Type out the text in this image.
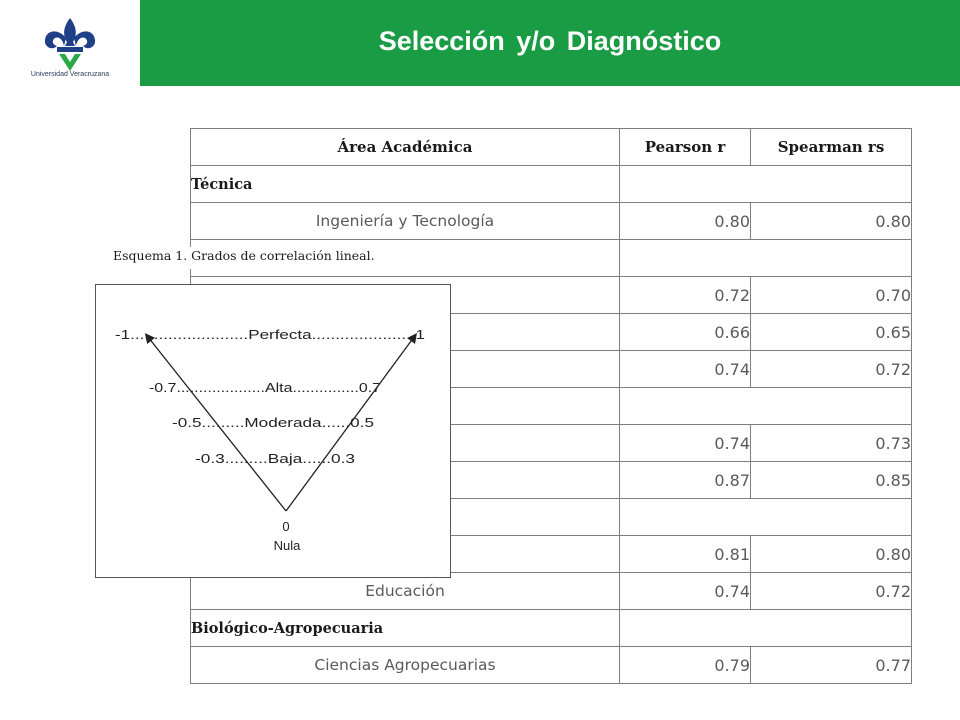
Universidad Veracruzana
Selección y/o Diagnóstico
Área Académica	Pearson r	Spearman rs
Técnica		
Ingeniería y Tecnología	0.80	0.80

	0.72	0.70
	0.66	0.65
	0.74	0.72

	0.74	0.73
	0.87	0.85

	0.81	0.80
Educación	0.74	0.72
Biológico-Agropecuaria		
Ciencias Agropecuarias	0.79	0.77
Esquema 1. Grados de correlación lineal.
-1.........................Perfecta......................1
-0.7....................Alta...............0.7
-0.5.........Moderada......0.5
-0.3.........Baja......0.3
0
Nula
